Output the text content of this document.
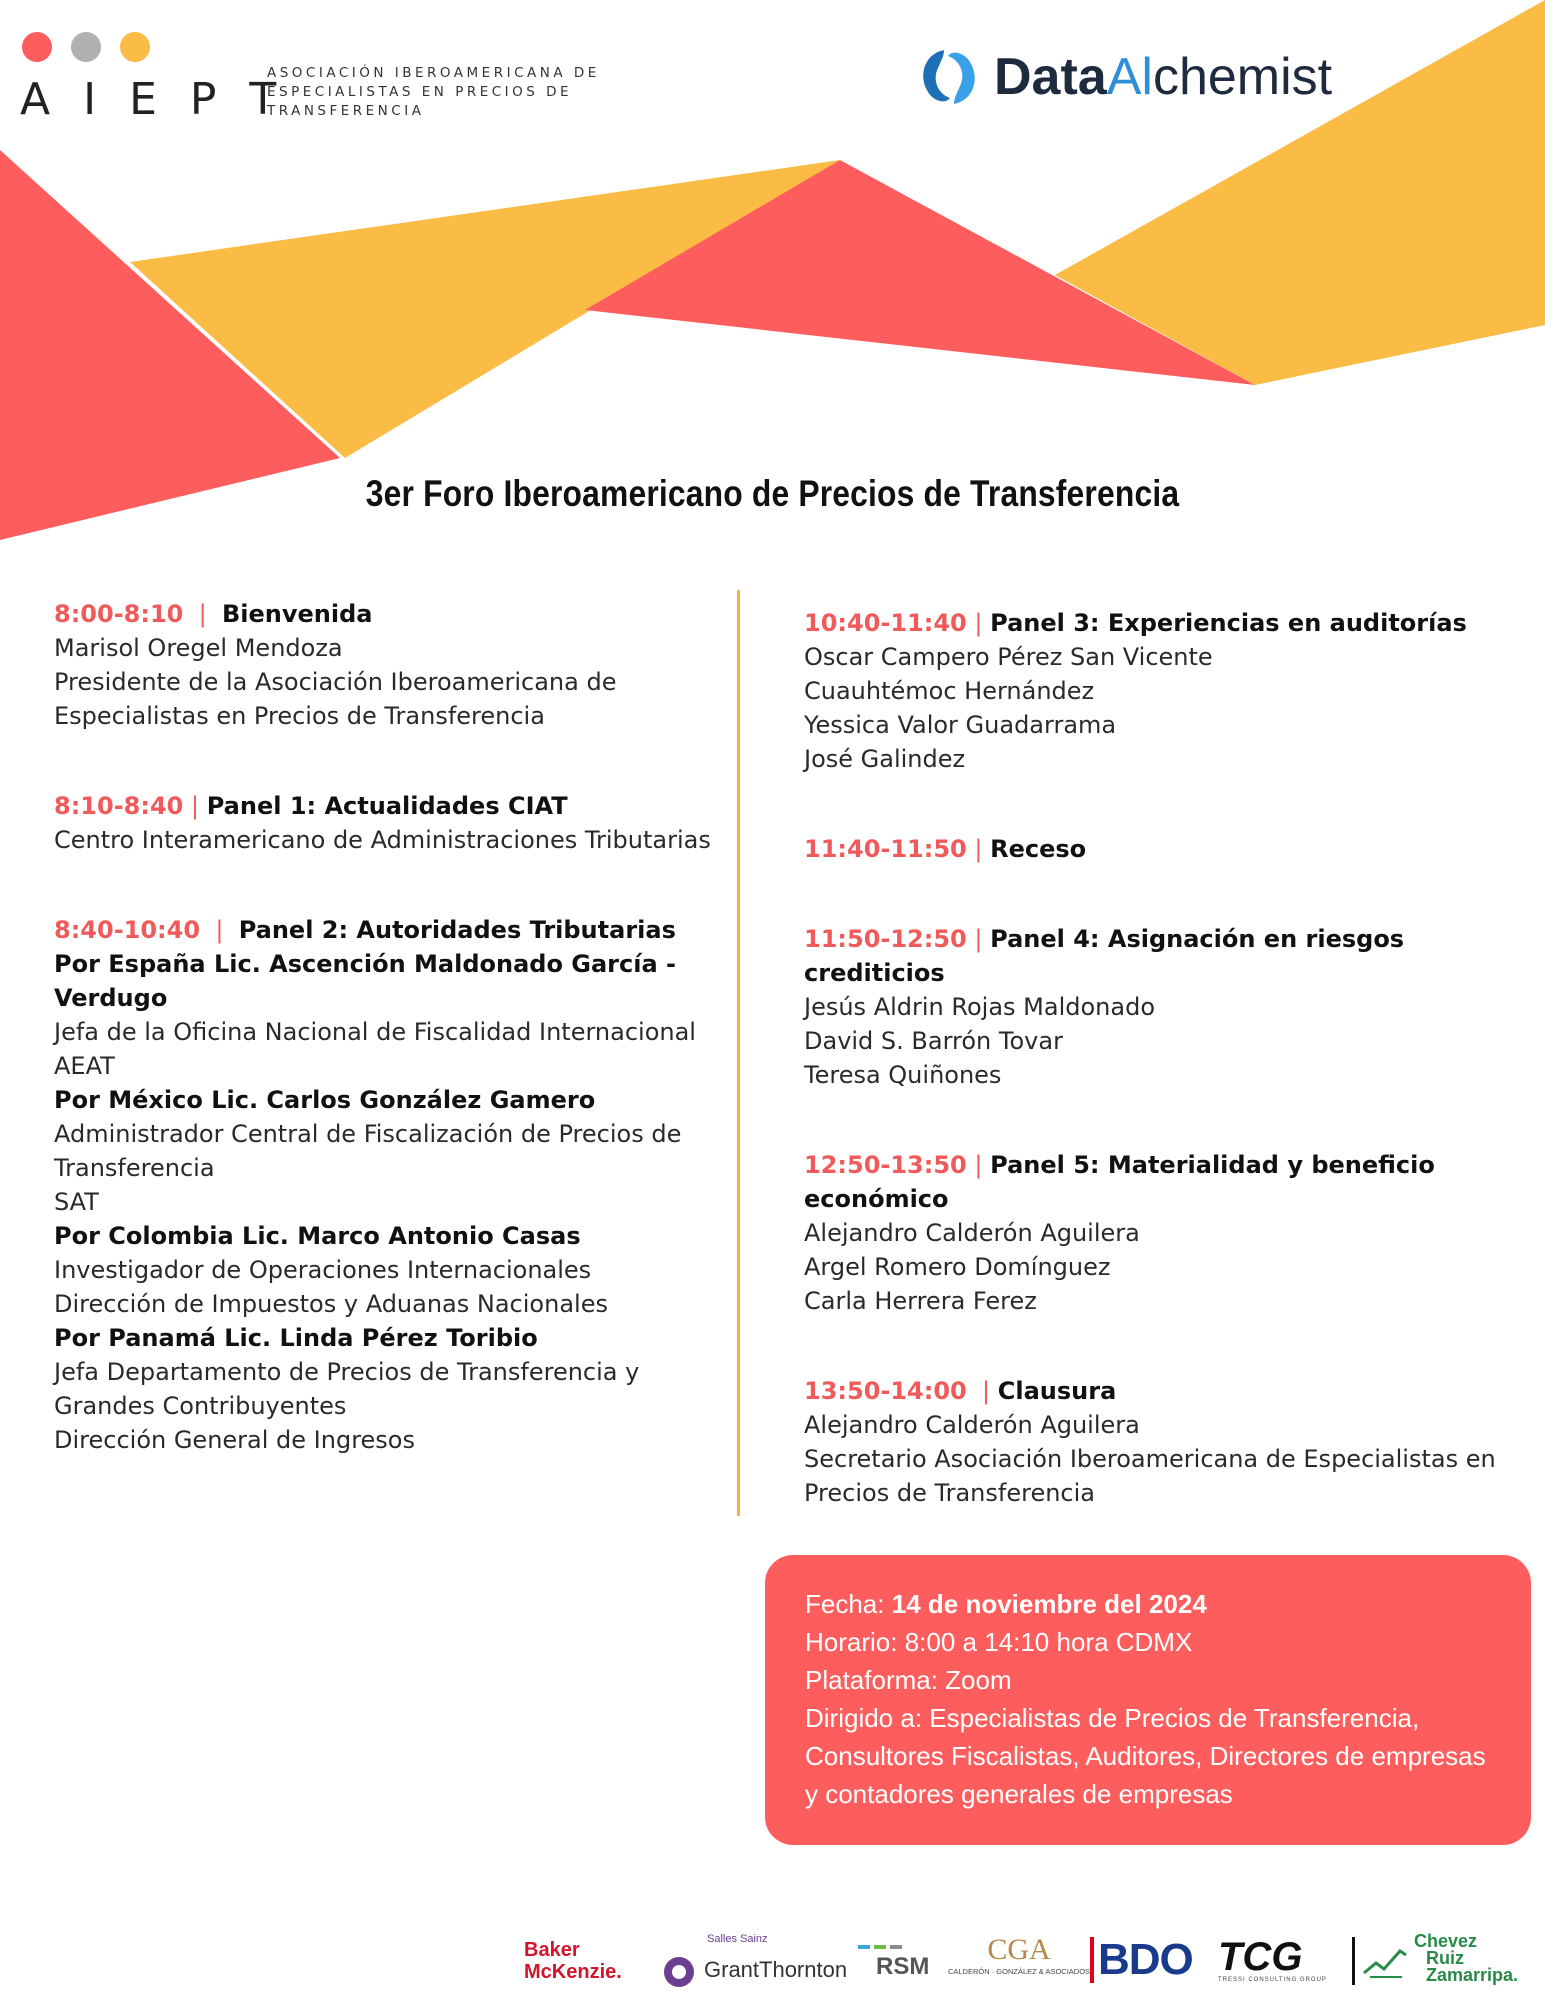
AIEPT
ASOCIACIÓN IBEROAMERICANA DE ESPECIALISTAS EN PRECIOS DE TRANSFERENCIA
DataAlchemist
3er Foro Iberoamericano de Precios de Transferencia
8:00-8:10 | Bienvenida
Marisol Oregel Mendoza
Presidente de la Asociación Iberoamericana de Especialistas en Precios de Transferencia
8:10-8:40 | Panel 1: Actualidades CIAT
Centro Interamericano de Administraciones Tributarias
8:40-10:40 | Panel 2: Autoridades Tributarias
Por España Lic. Ascención Maldonado García - Verdugo
Jefa de la Oficina Nacional de Fiscalidad Internacional
AEAT
Por México Lic. Carlos González Gamero
Administrador Central de Fiscalización de Precios de Transferencia
SAT
Por Colombia Lic. Marco Antonio Casas
Investigador de Operaciones Internacionales
Dirección de Impuestos y Aduanas Nacionales
Por Panamá Lic. Linda Pérez Toribio
Jefa Departamento de Precios de Transferencia y Grandes Contribuyentes
Dirección General de Ingresos
10:40-11:40 | Panel 3: Experiencias en auditorías
Oscar Campero Pérez San Vicente
Cuauhtémoc Hernández
Yessica Valor Guadarrama
José Galindez
11:40-11:50 | Receso
11:50-12:50 | Panel 4: Asignación en riesgos crediticios
Jesús Aldrin Rojas Maldonado
David S. Barrón Tovar
Teresa Quiñones
12:50-13:50 | Panel 5: Materialidad y beneficio económico
Alejandro Calderón Aguilera
Argel Romero Domínguez
Carla Herrera Ferez
13:50-14:00 | Clausura
Alejandro Calderón Aguilera
Secretario Asociación Iberoamericana de Especialistas en Precios de Transferencia
Fecha: 14 de noviembre del 2024
Horario: 8:00 a 14:10 hora CDMX
Plataforma: Zoom
Dirigido a: Especialistas de Precios de Transferencia, Consultores Fiscalistas, Auditores, Directores de empresas y contadores generales de empresas
Baker
McKenzie.
Salles Sainz
GrantThornton RSM
CGA
CALDERÓN · GONZÁLEZ & ASOCIADOS BDO TCG
TRESSI CONSULTING GROUP
Chevez
Ruiz
Zamarripa.
